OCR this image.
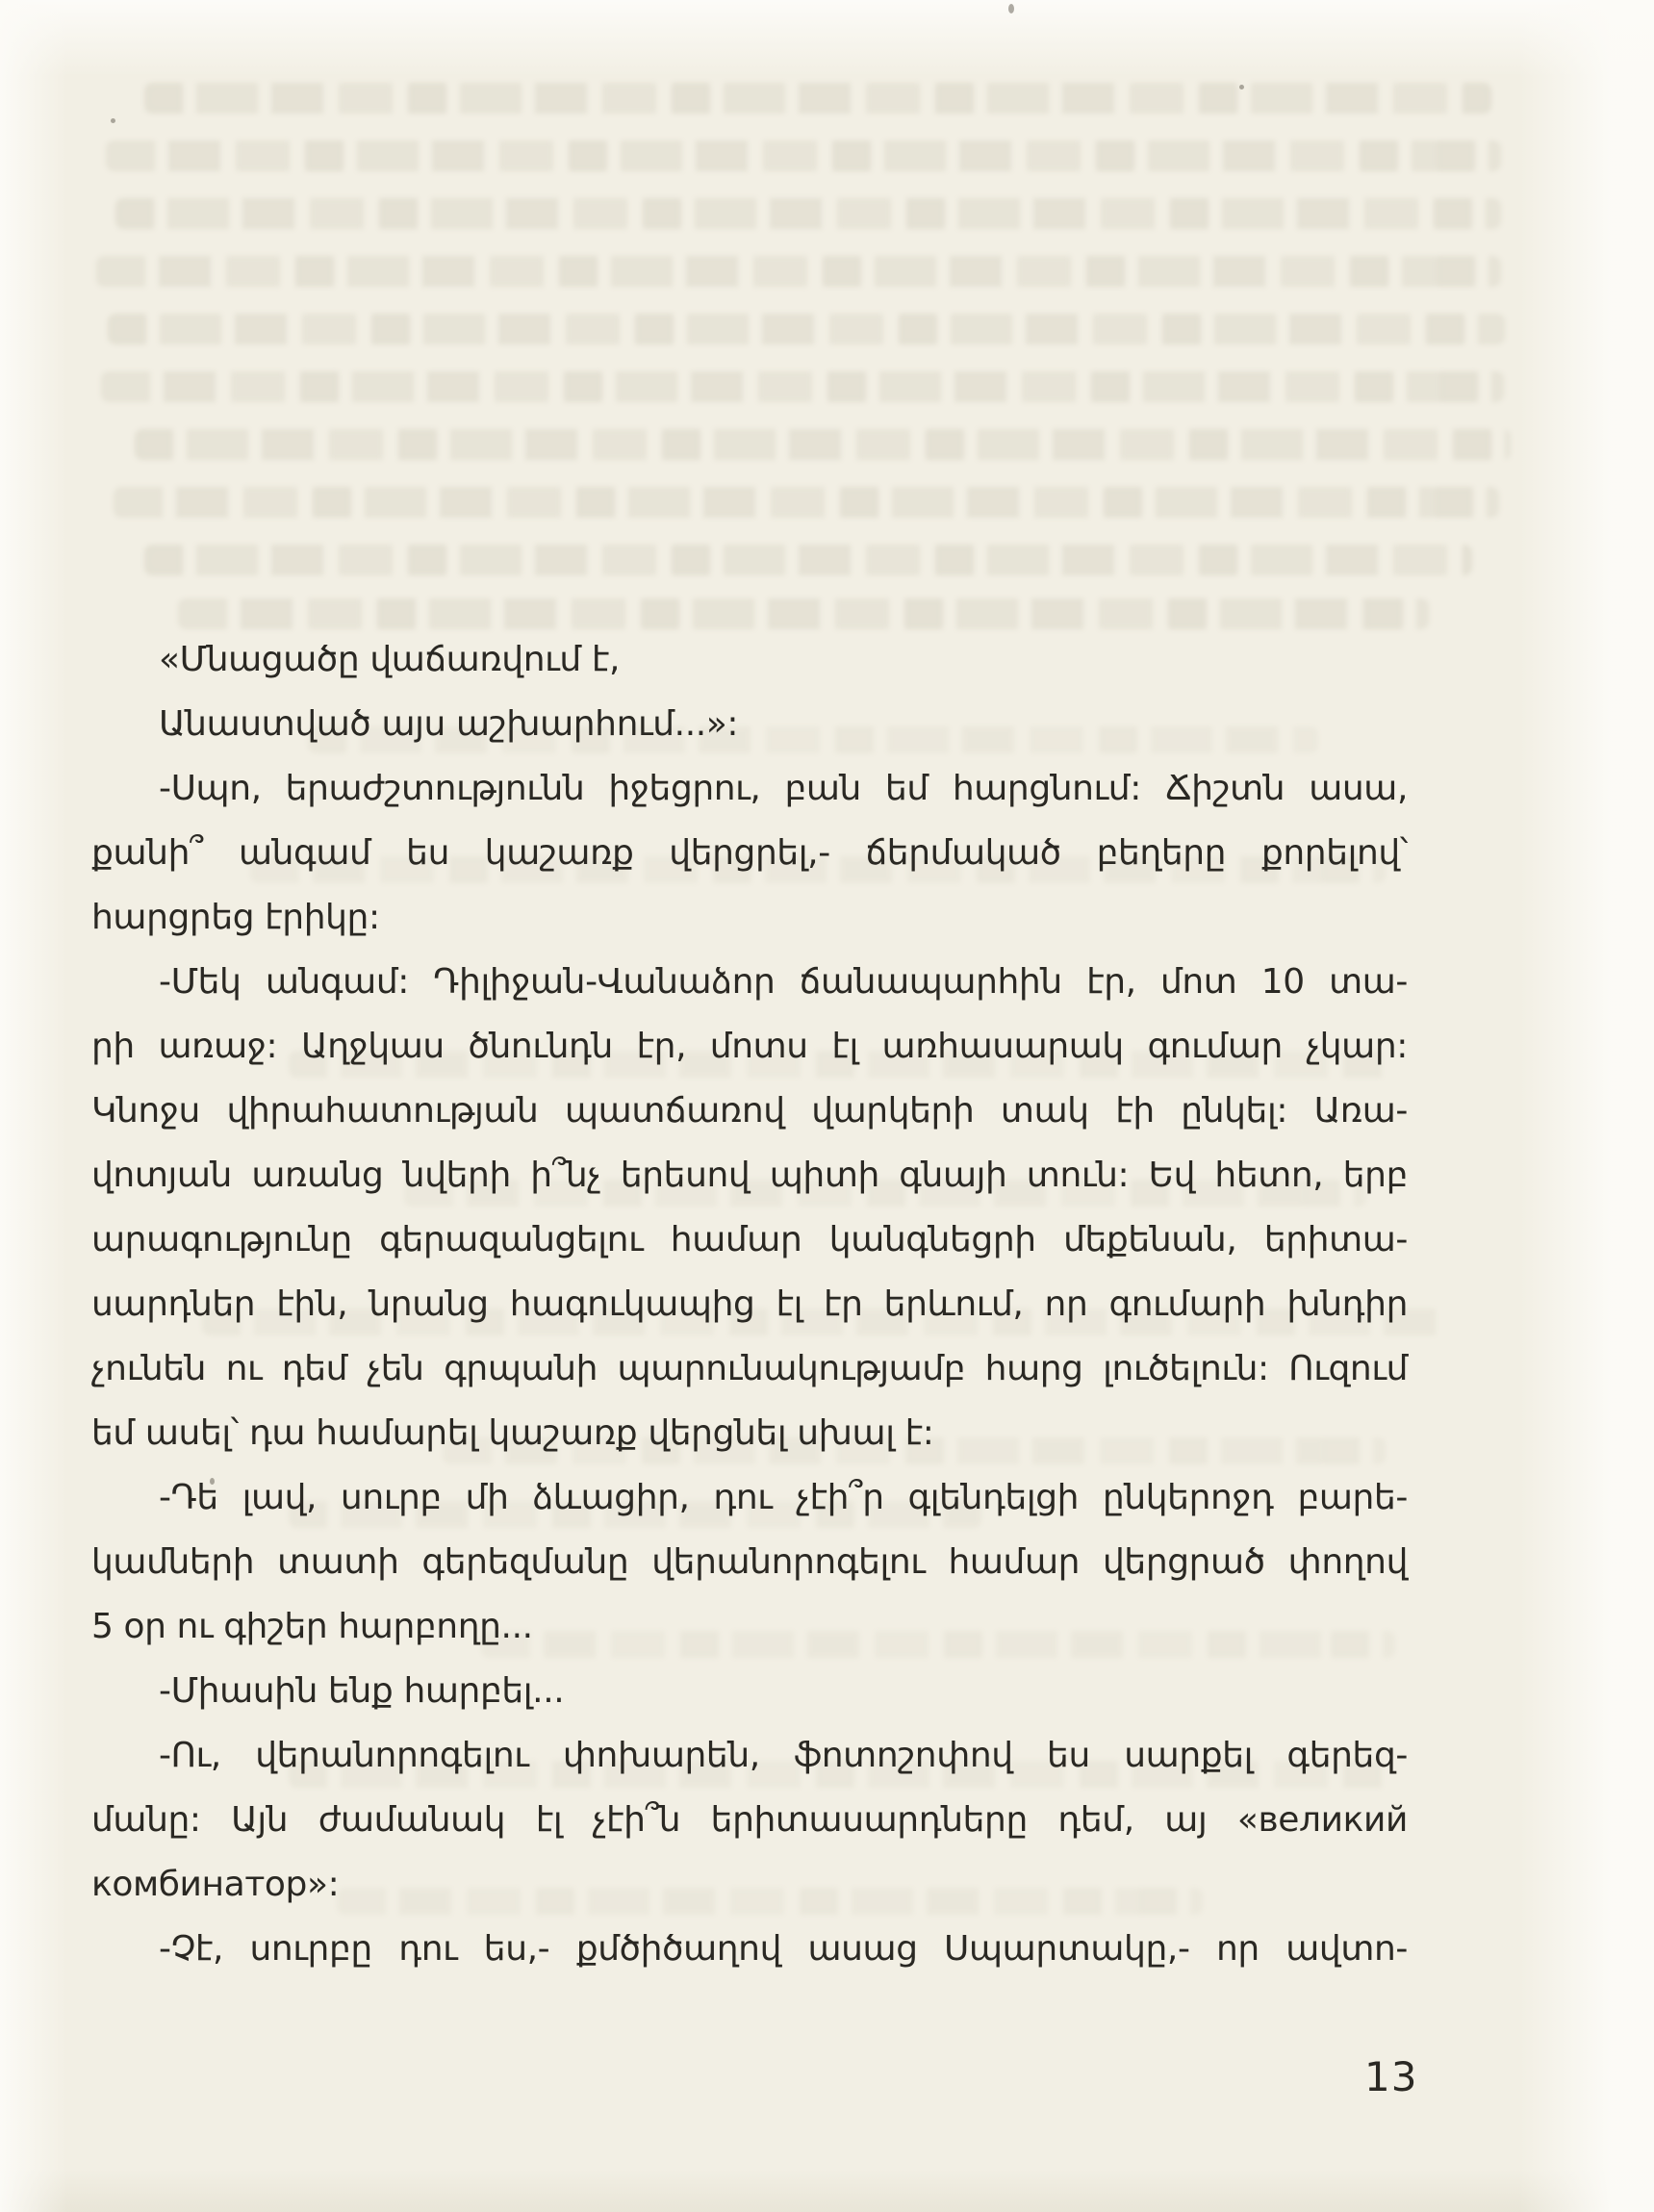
«Մնացածը վաճառվում է,
Անաստված այս աշխարհում...»:
-Սպո, երաժշտությունն իջեցրու, բան եմ հարցնում: Ճիշտն ասա,
քանի՞ անգամ ես կաշառք վերցրել,- ճերմակած բեղերը քորելով՝
հարցրեց էրիկը:
-Մեկ անգամ: Դիլիջան-Վանաձոր ճանապարհին էր, մոտ 10 տա-
րի առաջ: Աղջկաս ծնունդն էր, մոտս էլ առհասարակ գումար չկար:
Կնոջս վիրահատության պատճառով վարկերի տակ էի ընկել: Առա-
վոտյան առանց նվերի ի՞նչ երեսով պիտի գնայի տուն: Եվ հետո, երբ
արագությունը գերազանցելու համար կանգնեցրի մեքենան, երիտա-
սարդներ էին, նրանց հագուկապից էլ էր երևում, որ գումարի խնդիր
չունեն ու դեմ չեն գրպանի պարունակությամբ հարց լուծելուն: Ուզում
եմ ասել՝ դա համարել կաշառք վերցնել սխալ է:
-Դե լավ, սուրբ մի ձևացիր, դու չէի՞ր գլենդելցի ընկերոջդ բարե-
կամների տատի գերեզմանը վերանորոգելու համար վերցրած փողով
5 օր ու գիշեր հարբողը...
-Միասին ենք հարբել...
-Ու, վերանորոգելու փոխարեն, ֆոտոշոփով ես սարքել գերեզ-
մանը: Այն ժամանակ էլ չէի՞ն երիտասարդները դեմ, այ «великий
комбинатор»:
-Չէ, սուրբը դու ես,- քմծիծաղով ասաց Սպարտակը,- որ ավտո-
13
